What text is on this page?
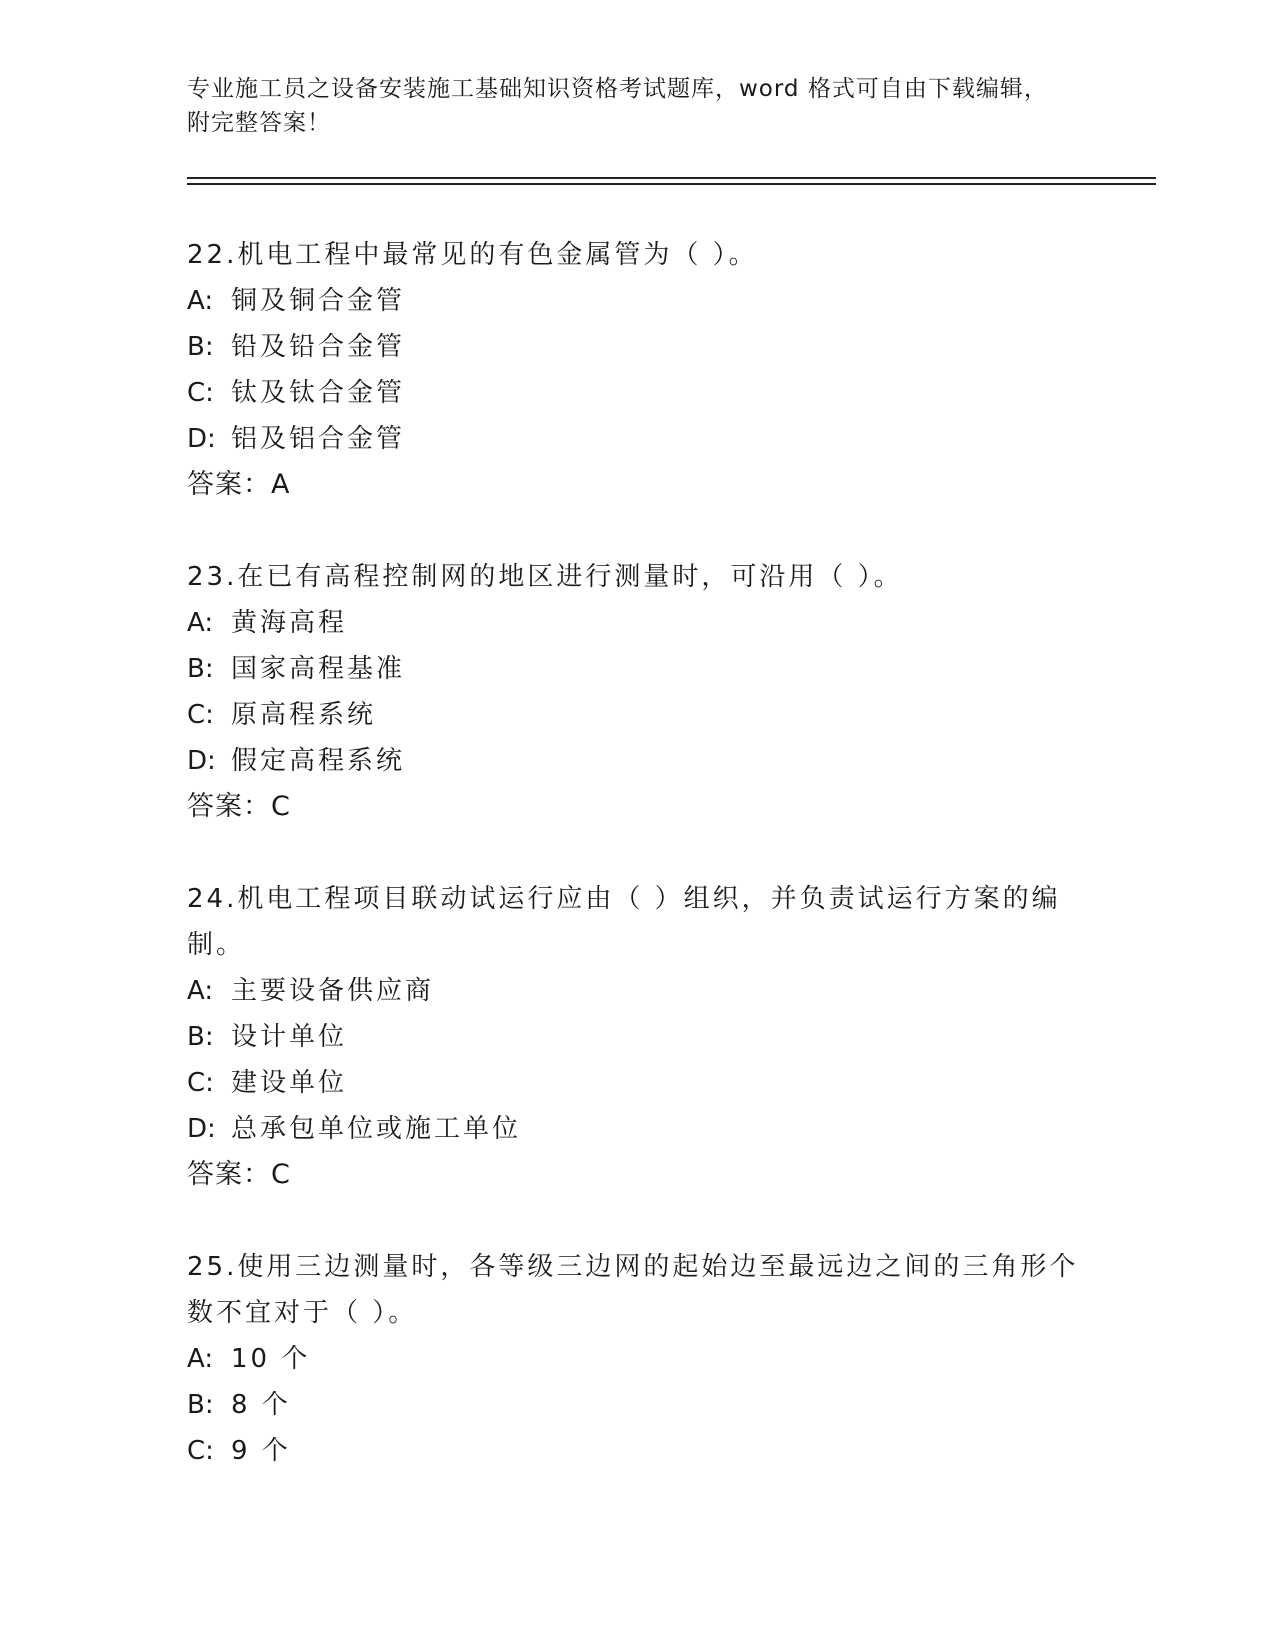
专业施工员之设备安装施工基础知识资格考试题库，word 格式可自由下载编辑，
附完整答案！
22.机电工程中最常见的有色金属管为（ ）。
A: 铜及铜合金管
B: 铅及铅合金管
C: 钛及钛合金管
D: 铝及铝合金管
答案：A
23.在已有高程控制网的地区进行测量时，可沿用（ ）。
A: 黄海高程
B: 国家高程基准
C: 原高程系统
D: 假定高程系统
答案：C
24.机电工程项目联动试运行应由（ ）组织，并负责试运行方案的编制。
A: 主要设备供应商
B: 设计单位
C: 建设单位
D: 总承包单位或施工单位
答案：C
25.使用三边测量时，各等级三边网的起始边至最远边之间的三角形个数不宜对于（ ）。
A: 10 个
B: 8 个
C: 9 个
